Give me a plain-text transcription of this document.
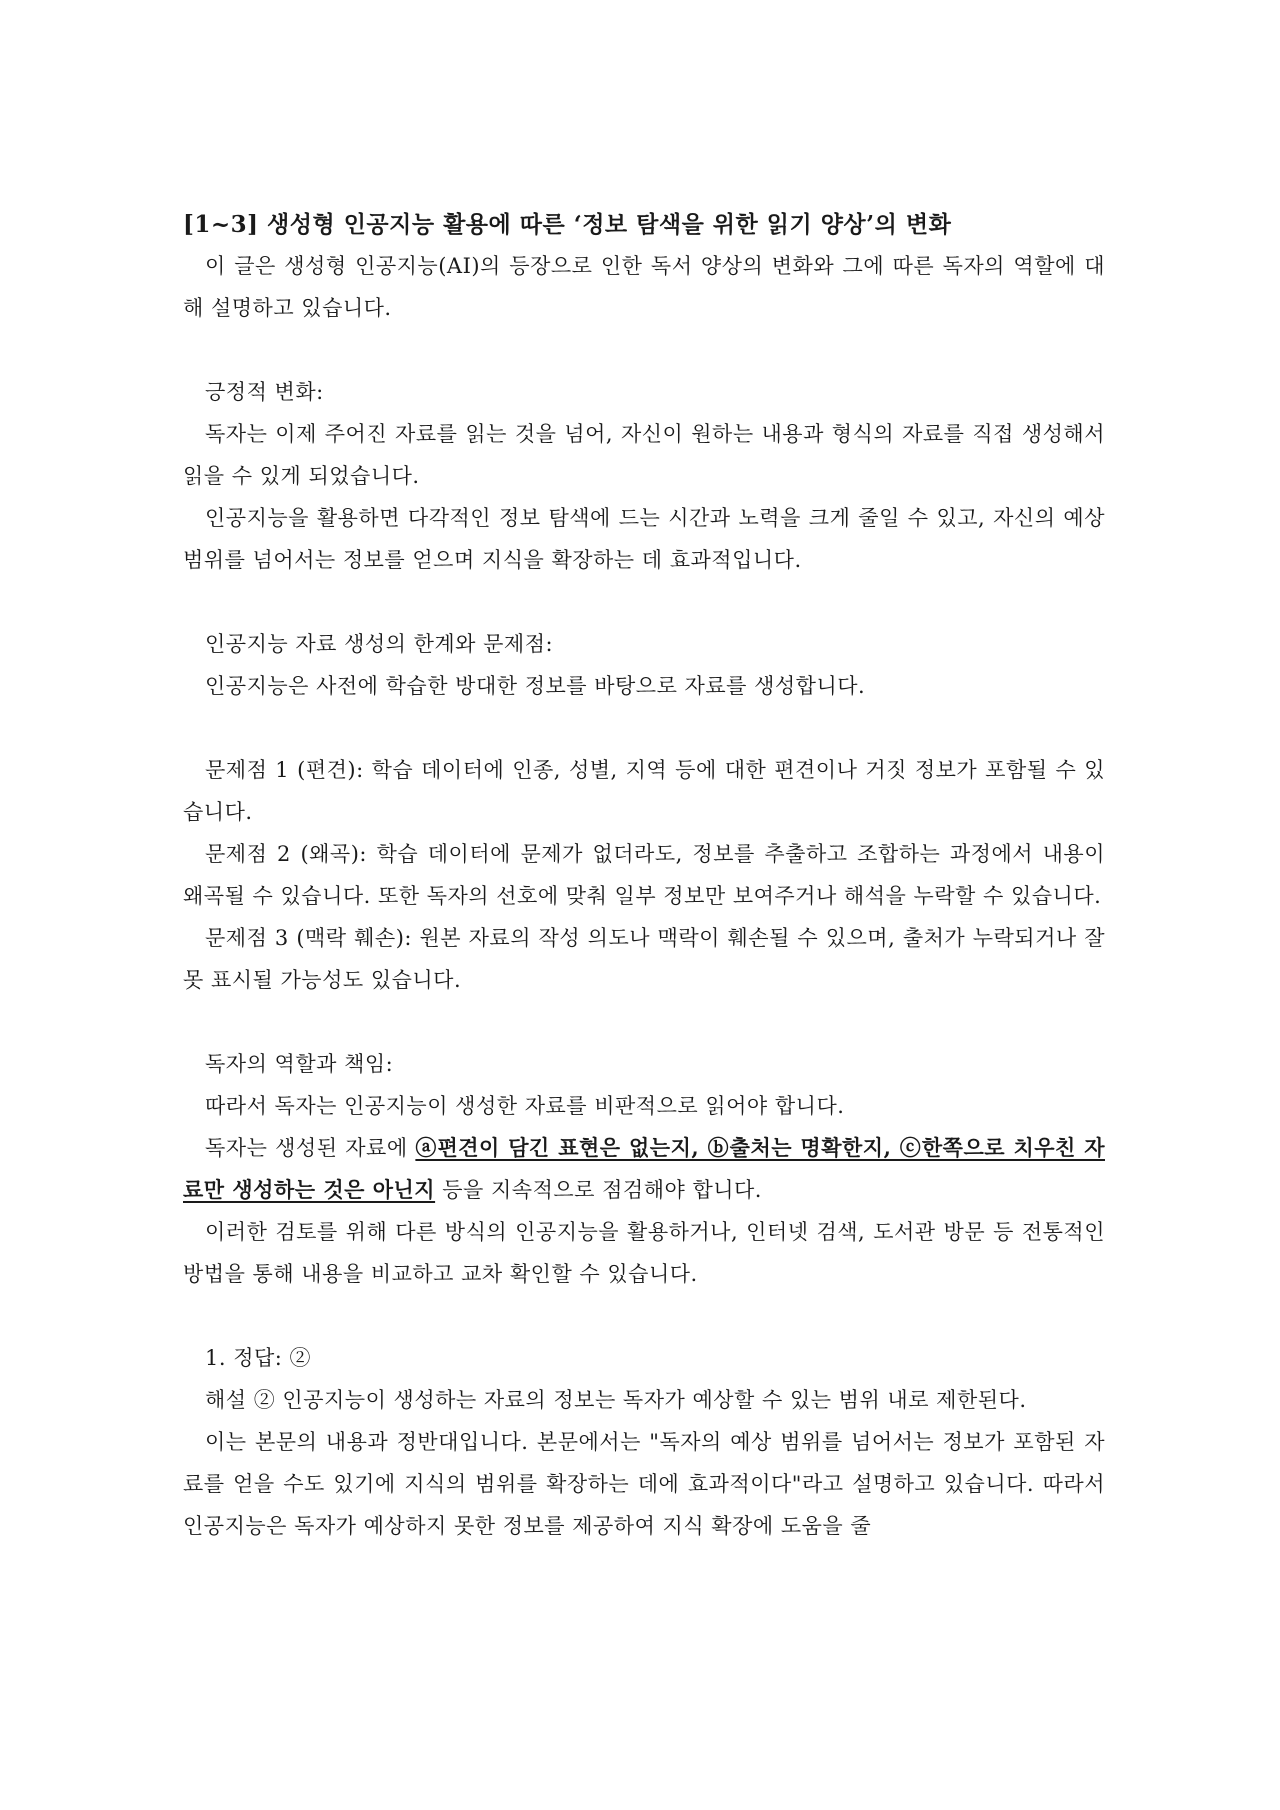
[1~3] 생성형 인공지능 활용에 따른 ‘정보 탐색을 위한 읽기 양상’의 변화
이 글은 생성형 인공지능(AI)의 등장으로 인한 독서 양상의 변화와 그에 따른 독자의 역할에 대해 설명하고 있습니다.
긍정적 변화:
독자는 이제 주어진 자료를 읽는 것을 넘어, 자신이 원하는 내용과 형식의 자료를 직접 생성해서 읽을 수 있게 되었습니다.
인공지능을 활용하면 다각적인 정보 탐색에 드는 시간과 노력을 크게 줄일 수 있고, 자신의 예상 범위를 넘어서는 정보를 얻으며 지식을 확장하는 데 효과적입니다.
인공지능 자료 생성의 한계와 문제점:
인공지능은 사전에 학습한 방대한 정보를 바탕으로 자료를 생성합니다.
문제점 1 (편견): 학습 데이터에 인종, 성별, 지역 등에 대한 편견이나 거짓 정보가 포함될 수 있습니다.
문제점 2 (왜곡): 학습 데이터에 문제가 없더라도, 정보를 추출하고 조합하는 과정에서 내용이 왜곡될 수 있습니다. 또한 독자의 선호에 맞춰 일부 정보만 보여주거나 해석을 누락할 수 있습니다.
문제점 3 (맥락 훼손): 원본 자료의 작성 의도나 맥락이 훼손될 수 있으며, 출처가 누락되거나 잘못 표시될 가능성도 있습니다.
독자의 역할과 책임:
따라서 독자는 인공지능이 생성한 자료를 비판적으로 읽어야 합니다.
독자는 생성된 자료에 ⓐ편견이 담긴 표현은 없는지, ⓑ출처는 명확한지, ⓒ한쪽으로 치우친 자료만 생성하는 것은 아닌지 등을 지속적으로 점검해야 합니다.
이러한 검토를 위해 다른 방식의 인공지능을 활용하거나, 인터넷 검색, 도서관 방문 등 전통적인 방법을 통해 내용을 비교하고 교차 확인할 수 있습니다.
1. 정답: ②
해설 ② 인공지능이 생성하는 자료의 정보는 독자가 예상할 수 있는 범위 내로 제한된다.
이는 본문의 내용과 정반대입니다. 본문에서는 "독자의 예상 범위를 넘어서는 정보가 포함된 자료를 얻을 수도 있기에 지식의 범위를 확장하는 데에 효과적이다"라고 설명하고 있습니다. 따라서 인공지능은 독자가 예상하지 못한 정보를 제공하여 지식 확장에 도움을 줄
